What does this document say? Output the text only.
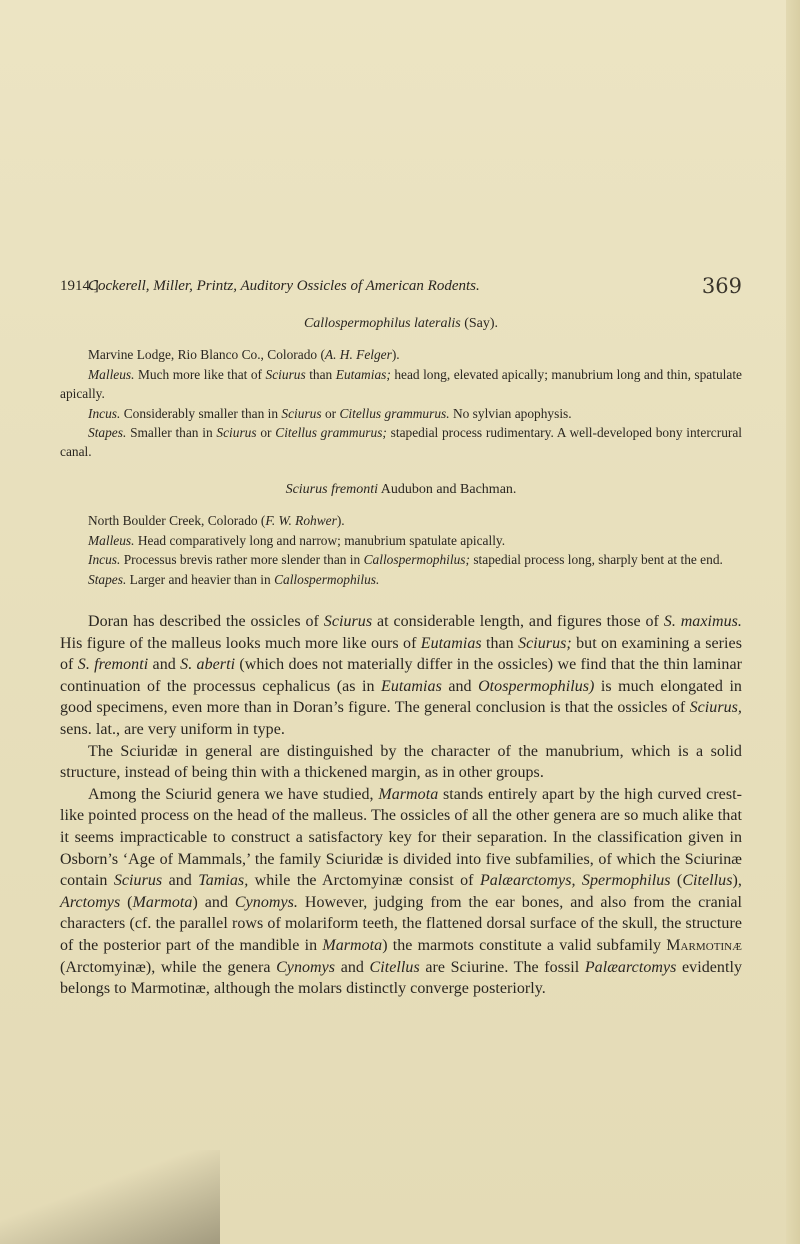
1914.]
Cockerell, Miller, Printz, Auditory Ossicles of American Rodents.	369
Callospermophilus lateralis (Say).

Marvine Lodge, Rio Blanco Co., Colorado (A. H. Felger).

Malleus. Much more like that of Sciurus than Eutamias; head long, elevated apically; manubrium long and thin, spatulate apically.

Incus. Considerably smaller than in Sciurus or Citellus grammurus. No sylvian apophysis.

Stapes. Smaller than in Sciurus or Citellus grammurus; stapedial process rudimentary. A well-developed bony intercrural canal.

Sciurus fremonti Audubon and Bachman.

North Boulder Creek, Colorado (F. W. Rohwer).

Malleus. Head comparatively long and narrow; manubrium spatulate apically.

Incus. Processus brevis rather more slender than in Callospermophilus; stapedial process long, sharply bent at the end.

Stapes. Larger and heavier than in Callospermophilus.

Doran has described the ossicles of Sciurus at considerable length, and figures those of S. maximus. His figure of the malleus looks much more like ours of Eutamias than Sciurus; but on examining a series of S. fremonti and S. aberti (which does not materially differ in the ossicles) we find that the thin laminar continuation of the processus cephalicus (as in Eutamias and Otospermophilus) is much elongated in good specimens, even more than in Doran’s figure. The general conclusion is that the ossicles of Sciurus, sens. lat., are very uniform in type.

The Sciuridæ in general are distinguished by the character of the manubrium, which is a solid structure, instead of being thin with a thickened margin, as in other groups.

Among the Sciurid genera we have studied, Marmota stands entirely apart by the high curved crest-like pointed process on the head of the malleus. The ossicles of all the other genera are so much alike that it seems impracticable to construct a satisfactory key for their separation. In the classification given in Osborn’s ‘Age of Mammals,’ the family Sciuridæ is divided into five subfamilies, of which the Sciurinæ contain Sciurus and Tamias, while the Arctomyinæ consist of Palæarctomys, Spermophilus (Citellus), Arctomys (Marmota) and Cynomys. However, judging from the ear bones, and also from the cranial characters (cf. the parallel rows of molariform teeth, the flattened dorsal surface of the skull, the structure of the posterior part of the mandible in Marmota) the marmots constitute a valid subfamily Marmotinæ (Arctomyinæ), while the genera Cynomys and Citellus are Sciurine. The fossil Palæarctomys evidently belongs to Marmotinæ, although the molars distinctly converge posteriorly.
